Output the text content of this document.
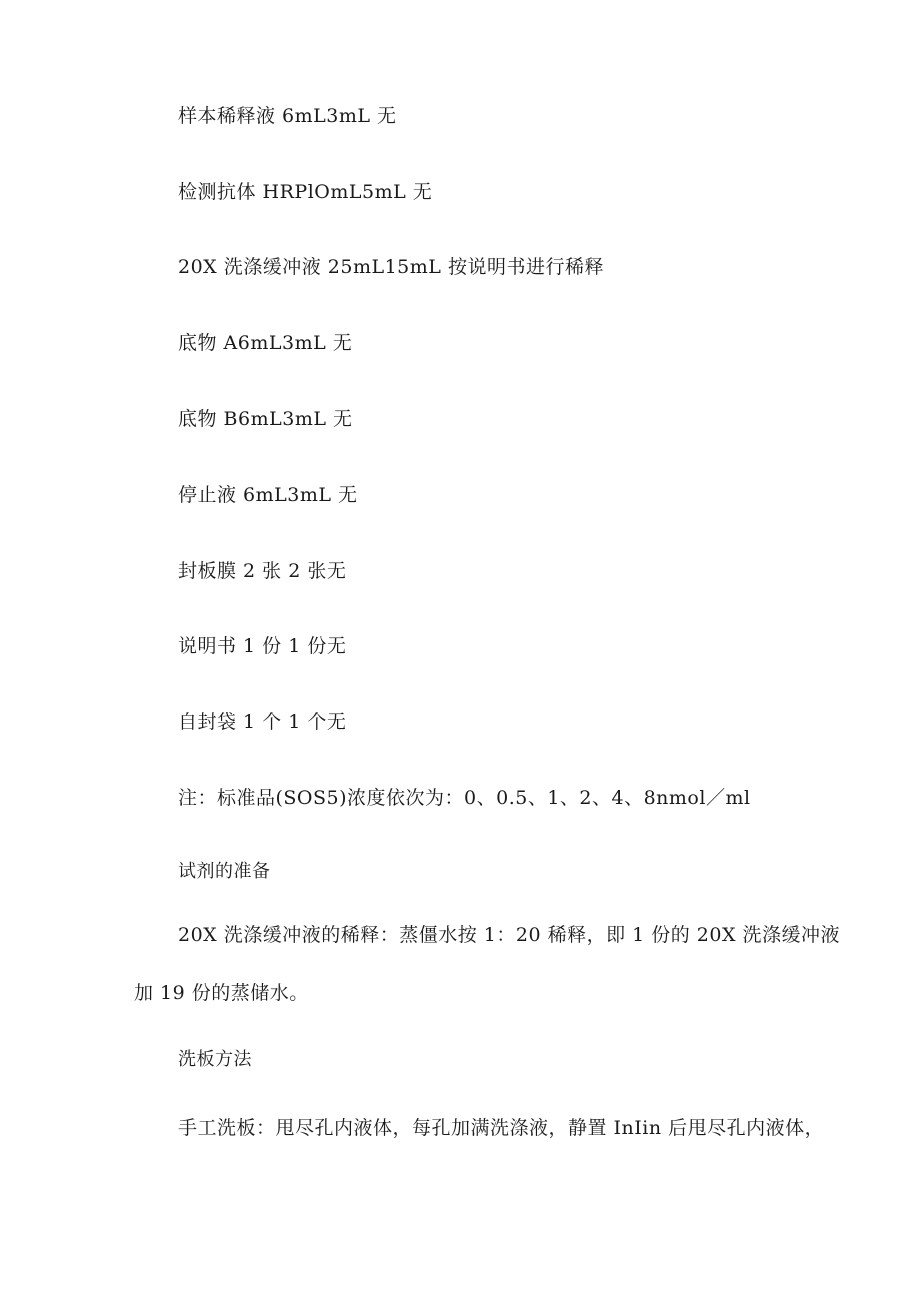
样本稀释液 6mL3mL 无
检测抗体 HRPlOmL5mL 无
20X 洗涤缓冲液 25mL15mL 按说明书进行稀释
底物 A6mL3mL 无
底物 B6mL3mL 无
停止液 6mL3mL 无
封板膜 2 张 2 张无
说明书 1 份 1 份无
自封袋 1 个 1 个无
注：标准品(SOS5)浓度依次为：0、0.5、1、2、4、8nmol／ml
试剂的准备
20X 洗涤缓冲液的稀释：蒸僵水按 1：20 稀释，即 1 份的 20X 洗涤缓冲液
加 19 份的蒸储水。
洗板方法
手工洗板：甩尽孔内液体，每孔加满洗涤液，静置 InIin 后甩尽孔内液体，
